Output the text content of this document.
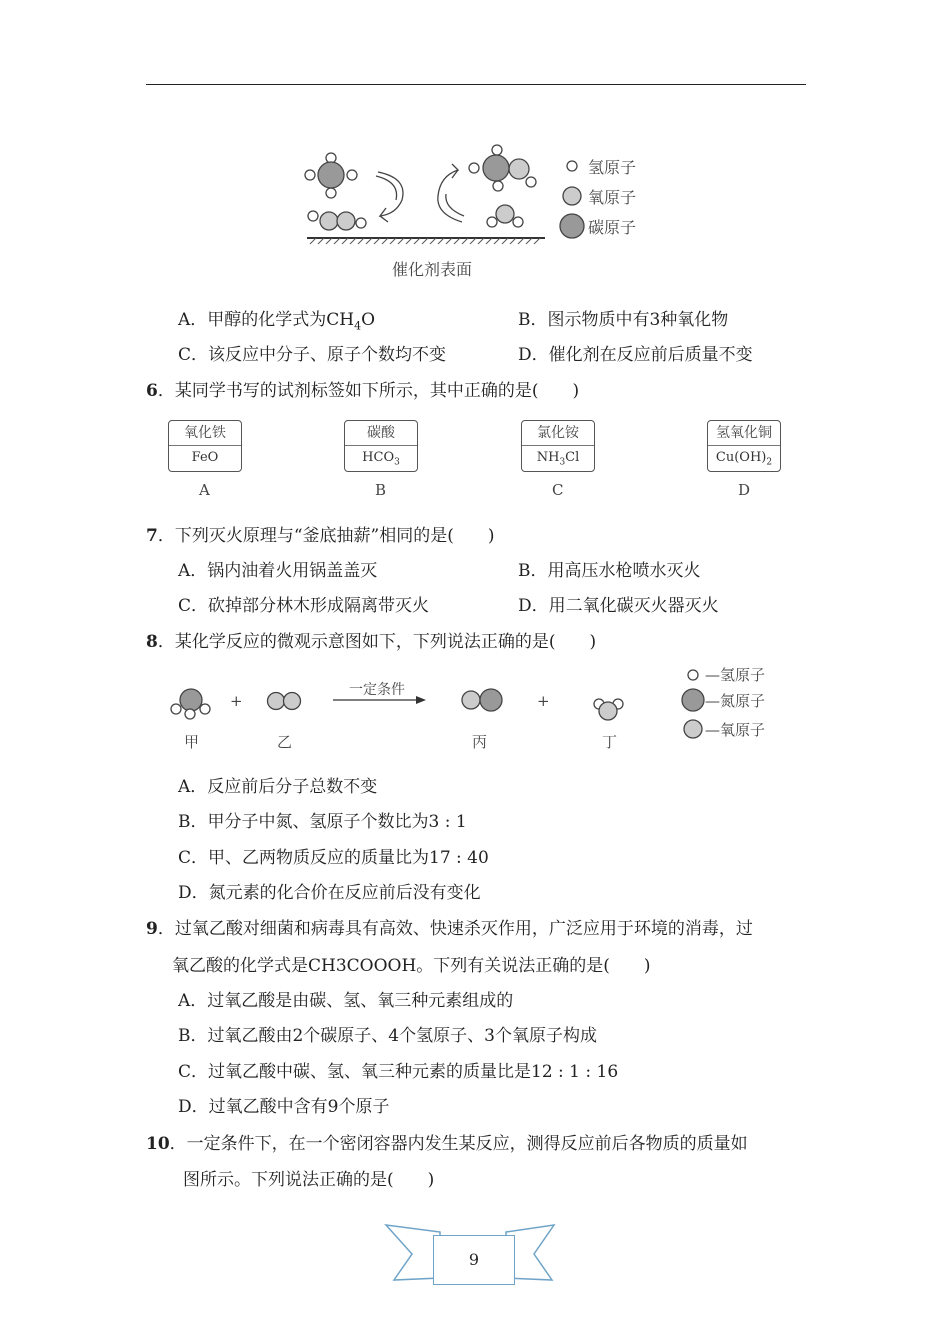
氢原子
氧原子
碳原子
催化剂表面
A．甲醇的化学式为$CH_4O$	B．图示物质中有3种氧化物
C．该反应中分子、原子个数均不变	D．催化剂在反应前后质量不变
6．某同学书写的试剂标签如下所示，其中正确的是(　　)
氧化铁
FeO
碳酸
$HCO_3$
氯化铵
$NH_3Cl$
氢氧化铜
$Cu(OH)_2$
A	B	C	D
7．下列灭火原理与“釜底抽薪”相同的是(　　)
A．锅内油着火用锅盖盖灭	B．用高压水枪喷水灭火
C．砍掉部分林木形成隔离带灭火	D．用二氧化碳灭火器灭火
8．某化学反应的微观示意图如下，下列说法正确的是(　　)
+	+
一定条件
甲	乙	丙	丁
—氢原子
—氮原子
—氧原子
A．反应前后分子总数不变
B．甲分子中氮、氢原子个数比为3 : 1
C．甲、乙两物质反应的质量比为17 : 40
D．氮元素的化合价在反应前后没有变化
9．过氧乙酸对细菌和病毒具有高效、快速杀灭作用，广泛应用于环境的消毒，过
氧乙酸的化学式是CH3COOOH。下列有关说法正确的是(　　)
A．过氧乙酸是由碳、氢、氧三种元素组成的
B．过氧乙酸由2个碳原子、4个氢原子、3个氧原子构成
C．过氧乙酸中碳、氢、氧三种元素的质量比是12 : 1 : 16
D．过氧乙酸中含有9个原子
10．一定条件下，在一个密闭容器内发生某反应，测得反应前后各物质的质量如
图所示。下列说法正确的是(　　)
9
